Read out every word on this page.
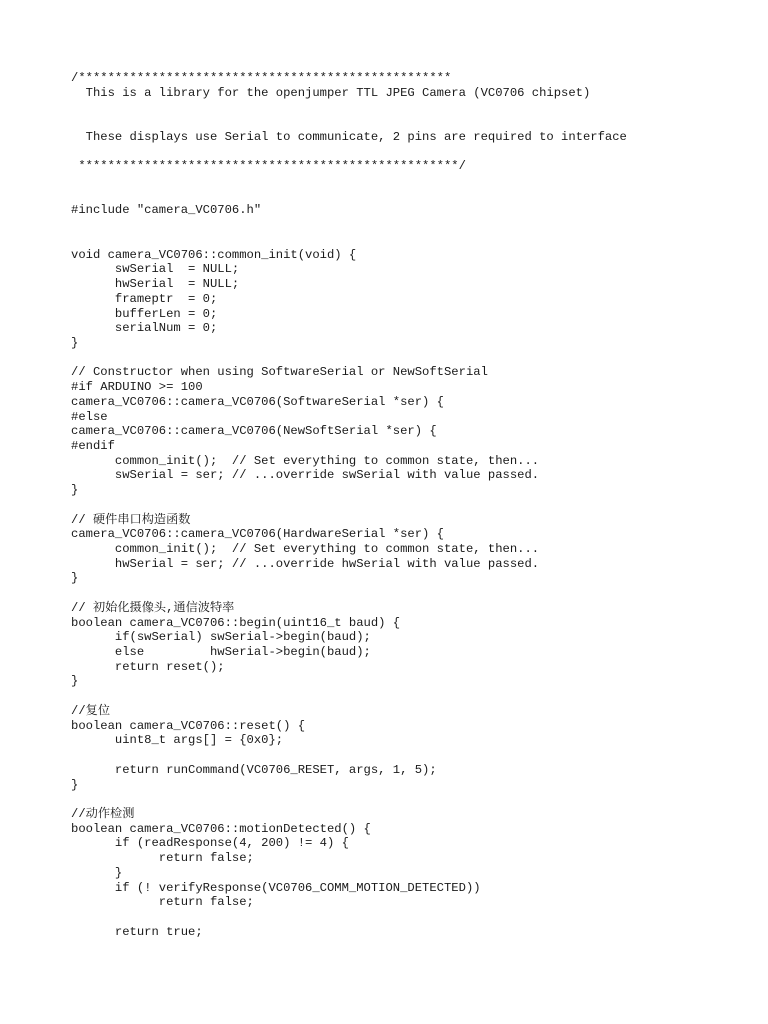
/***************************************************
This is a library for the openjumper TTL JPEG Camera (VC0706 chipset)
These displays use Serial to communicate, 2 pins are required to interface
****************************************************/
#include "camera_VC0706.h"
void camera_VC0706::common_init(void) {
swSerial  = NULL;
hwSerial  = NULL;
frameptr  = 0;
bufferLen = 0;
serialNum = 0;
}
// Constructor when using SoftwareSerial or NewSoftSerial
#if ARDUINO >= 100
camera_VC0706::camera_VC0706(SoftwareSerial *ser) {
#else
camera_VC0706::camera_VC0706(NewSoftSerial *ser) {
#endif
common_init();  // Set everything to common state, then...
swSerial = ser; // ...override swSerial with value passed.
}
// 硬件串口构造函数
camera_VC0706::camera_VC0706(HardwareSerial *ser) {
common_init();  // Set everything to common state, then...
hwSerial = ser; // ...override hwSerial with value passed.
}
// 初始化摄像头,通信波特率
boolean camera_VC0706::begin(uint16_t baud) {
if(swSerial) swSerial->begin(baud);
else         hwSerial->begin(baud);
return reset();
}
//复位
boolean camera_VC0706::reset() {
uint8_t args[] = {0x0};
return runCommand(VC0706_RESET, args, 1, 5);
}
//动作检测
boolean camera_VC0706::motionDetected() {
if (readResponse(4, 200) != 4) {
return false;
}
if (! verifyResponse(VC0706_COMM_MOTION_DETECTED))
return false;
return true;
